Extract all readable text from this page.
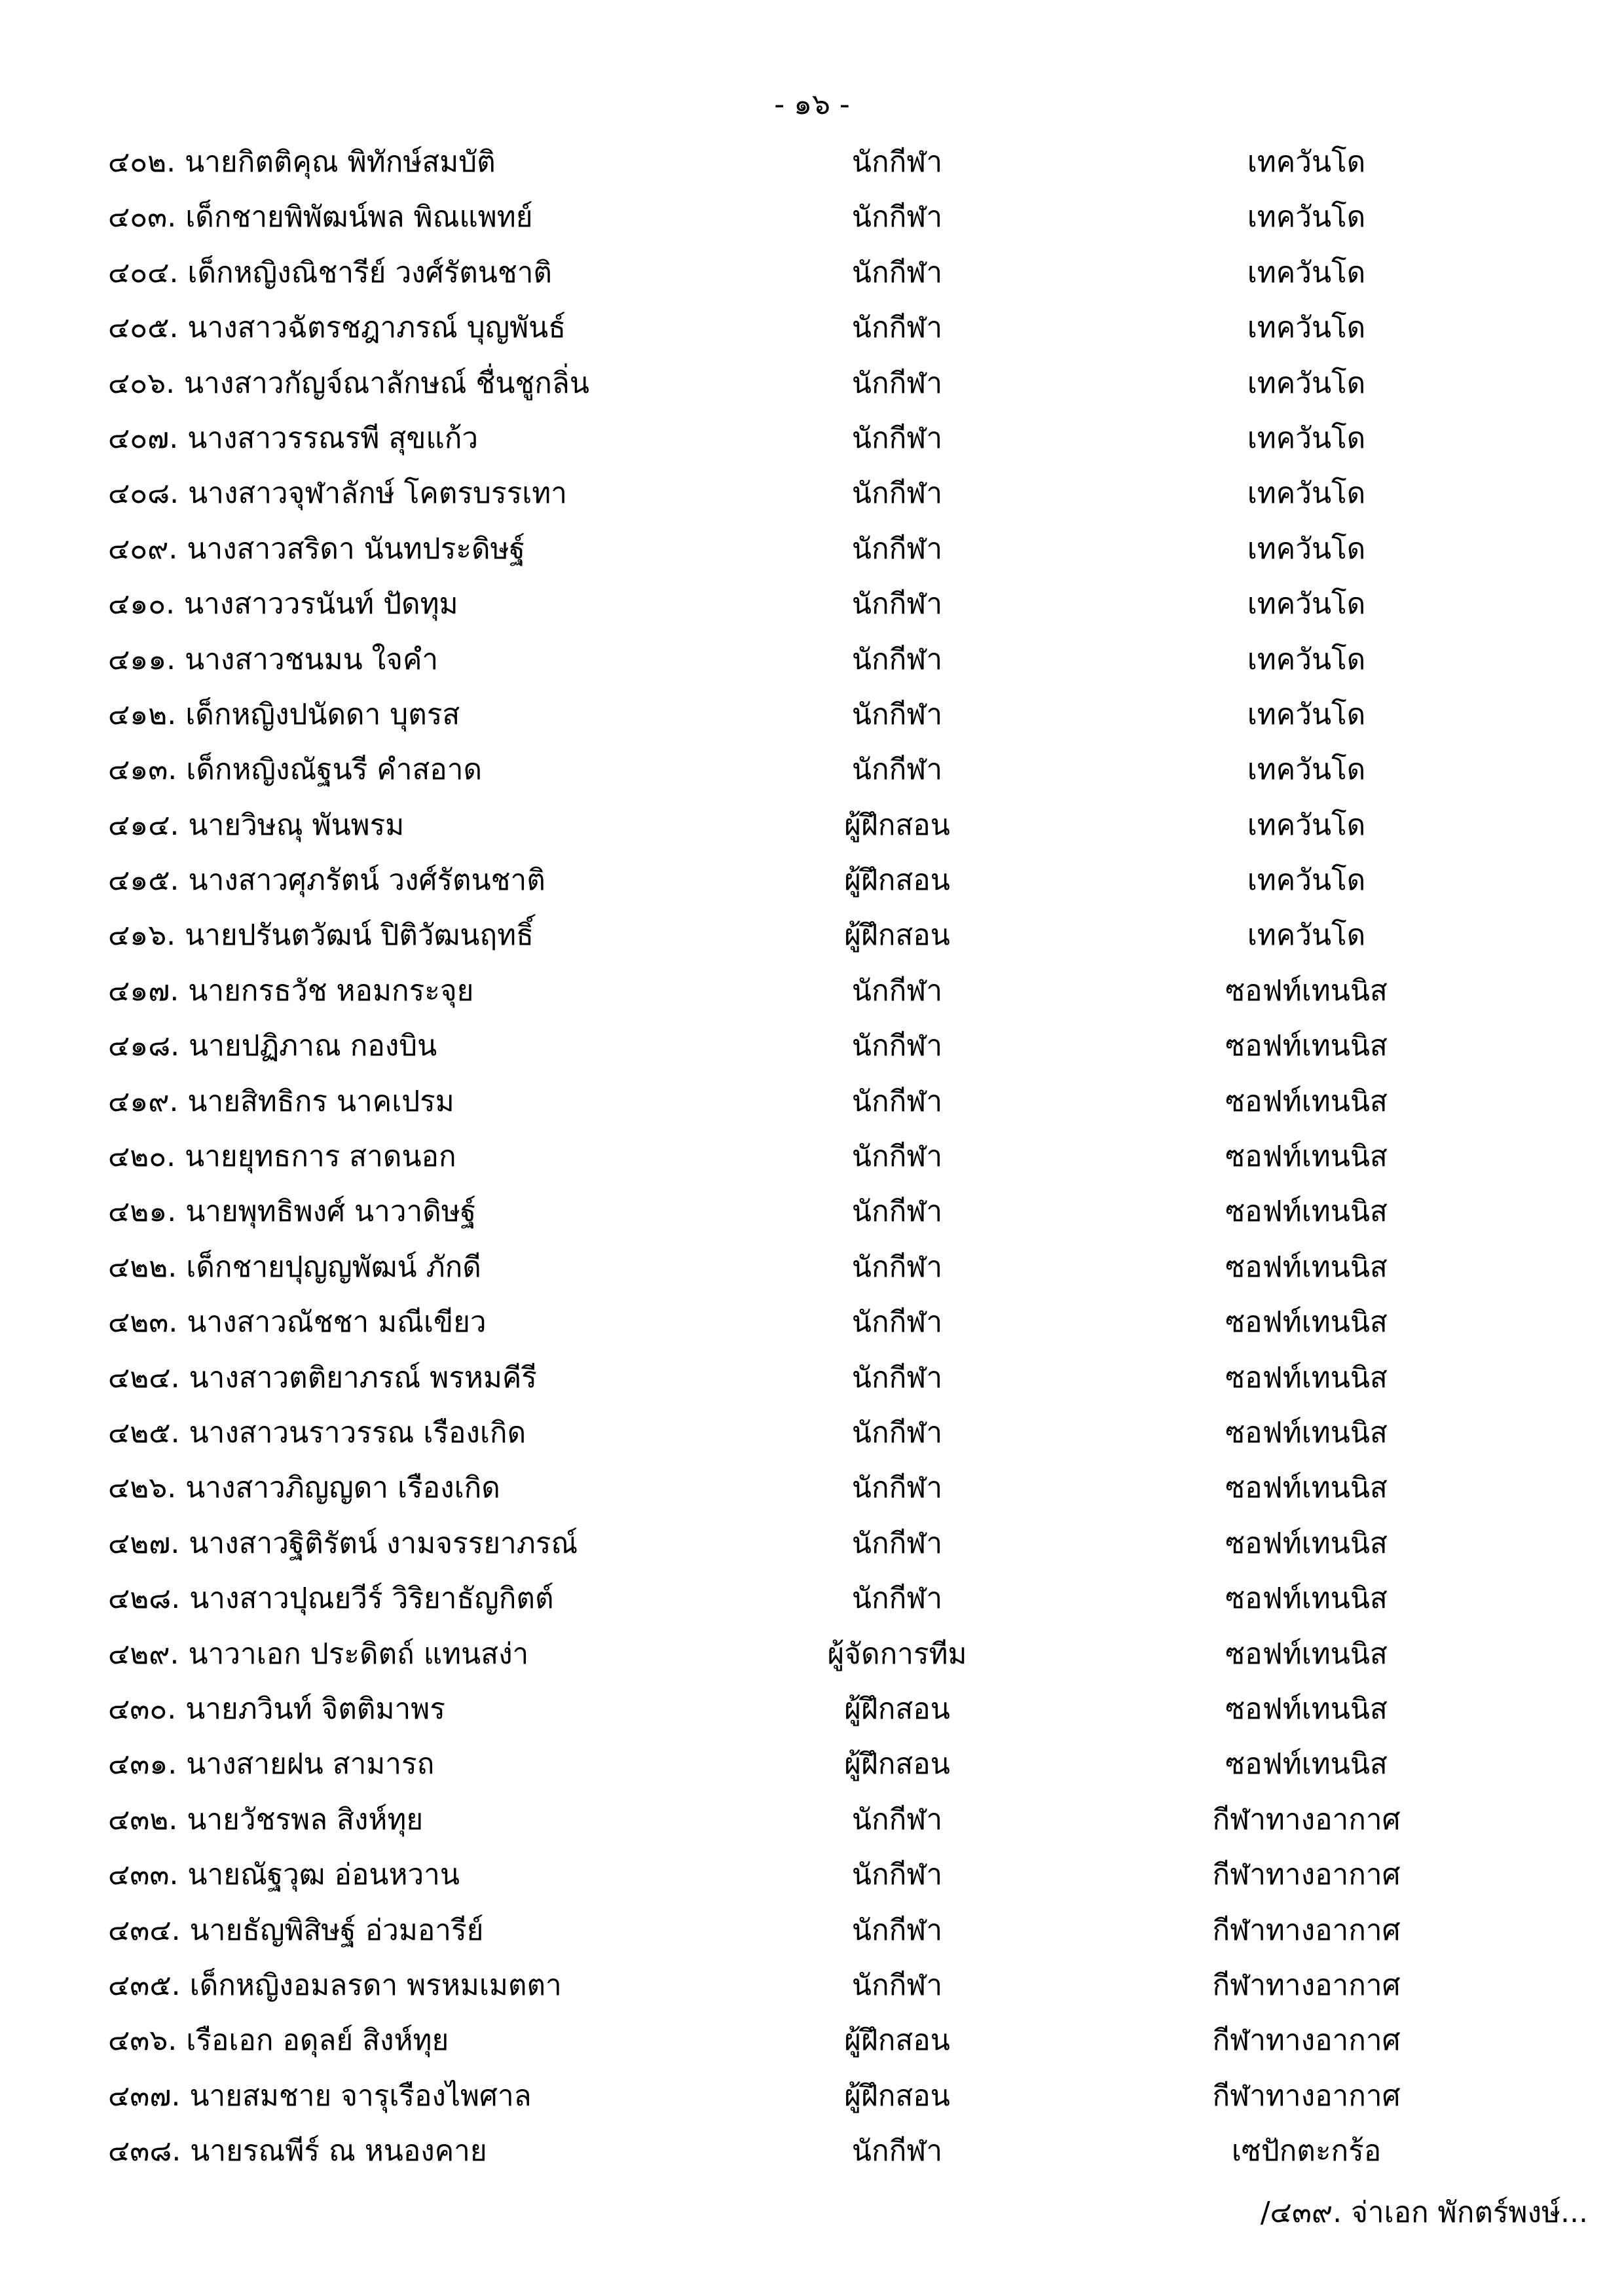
- ๑๖ -
๔๐๒. นายกิตติคุณ พิทักษ์สมบัติ	นักกีฬา	เทควันโด
๔๐๓. เด็กชายพิพัฒน์พล พิณแพทย์	นักกีฬา	เทควันโด
๔๐๔. เด็กหญิงณิชารีย์ วงศ์รัตนชาติ	นักกีฬา	เทควันโด
๔๐๕. นางสาวฉัตรชฎาภรณ์ บุญพันธ์	นักกีฬา	เทควันโด
๔๐๖. นางสาวกัญจ์ณาลักษณ์ ชื่นชูกลิ่น	นักกีฬา	เทควันโด
๔๐๗. นางสาวรรณรพี สุขแก้ว	นักกีฬา	เทควันโด
๔๐๘. นางสาวจุฬาลักษ์ โคตรบรรเทา	นักกีฬา	เทควันโด
๔๐๙. นางสาวสริดา นันทประดิษฐ์	นักกีฬา	เทควันโด
๔๑๐. นางสาววรนันท์ ปัดทุม	นักกีฬา	เทควันโด
๔๑๑. นางสาวชนมน ใจคำ	นักกีฬา	เทควันโด
๔๑๒. เด็กหญิงปนัดดา บุตรส	นักกีฬา	เทควันโด
๔๑๓. เด็กหญิงณัฐนรี คำสอาด	นักกีฬา	เทควันโด
๔๑๔. นายวิษณุ พันพรม	ผู้ฝึกสอน	เทควันโด
๔๑๕. นางสาวศุภรัตน์ วงศ์รัตนชาติ	ผู้ฝึกสอน	เทควันโด
๔๑๖. นายปรันตวัฒน์ ปิติวัฒนฤทธิ์	ผู้ฝึกสอน	เทควันโด
๔๑๗. นายกรธวัช หอมกระจุย	นักกีฬา	ซอฟท์เทนนิส
๔๑๘. นายปฏิภาณ กองบิน	นักกีฬา	ซอฟท์เทนนิส
๔๑๙. นายสิทธิกร นาคเปรม	นักกีฬา	ซอฟท์เทนนิส
๔๒๐. นายยุทธการ สาดนอก	นักกีฬา	ซอฟท์เทนนิส
๔๒๑. นายพุทธิพงศ์ นาวาดิษฐ์	นักกีฬา	ซอฟท์เทนนิส
๔๒๒. เด็กชายปุญญพัฒน์ ภักดี	นักกีฬา	ซอฟท์เทนนิส
๔๒๓. นางสาวณัชชา มณีเขียว	นักกีฬา	ซอฟท์เทนนิส
๔๒๔. นางสาวตติยาภรณ์ พรหมคีรี	นักกีฬา	ซอฟท์เทนนิส
๔๒๕. นางสาวนราวรรณ เรืองเกิด	นักกีฬา	ซอฟท์เทนนิส
๔๒๖. นางสาวภิญญดา เรืองเกิด	นักกีฬา	ซอฟท์เทนนิส
๔๒๗. นางสาวฐิติรัตน์ งามจรรยาภรณ์	นักกีฬา	ซอฟท์เทนนิส
๔๒๘. นางสาวปุณยวีร์ วิริยาธัญกิตต์	นักกีฬา	ซอฟท์เทนนิส
๔๒๙. นาวาเอก ประดิตถ์ แทนสง่า	ผู้จัดการทีม	ซอฟท์เทนนิส
๔๓๐. นายภวินท์ จิตติมาพร	ผู้ฝึกสอน	ซอฟท์เทนนิส
๔๓๑. นางสายฝน สามารถ	ผู้ฝึกสอน	ซอฟท์เทนนิส
๔๓๒. นายวัชรพล สิงห์ทุย	นักกีฬา	กีฬาทางอากาศ
๔๓๓. นายณัฐวุฒ อ่อนหวาน	นักกีฬา	กีฬาทางอากาศ
๔๓๔. นายธัญพิสิษฐ์ อ่วมอารีย์	นักกีฬา	กีฬาทางอากาศ
๔๓๕. เด็กหญิงอมลรดา พรหมเมตตา	นักกีฬา	กีฬาทางอากาศ
๔๓๖. เรือเอก อดุลย์ สิงห์ทุย	ผู้ฝึกสอน	กีฬาทางอากาศ
๔๓๗. นายสมชาย จารุเรืองไพศาล	ผู้ฝึกสอน	กีฬาทางอากาศ
๔๓๘. นายรณพีร์ ณ หนองคาย	นักกีฬา	เซปักตะกร้อ
/๔๓๙. จ่าเอก พักตร์พงษ์...
